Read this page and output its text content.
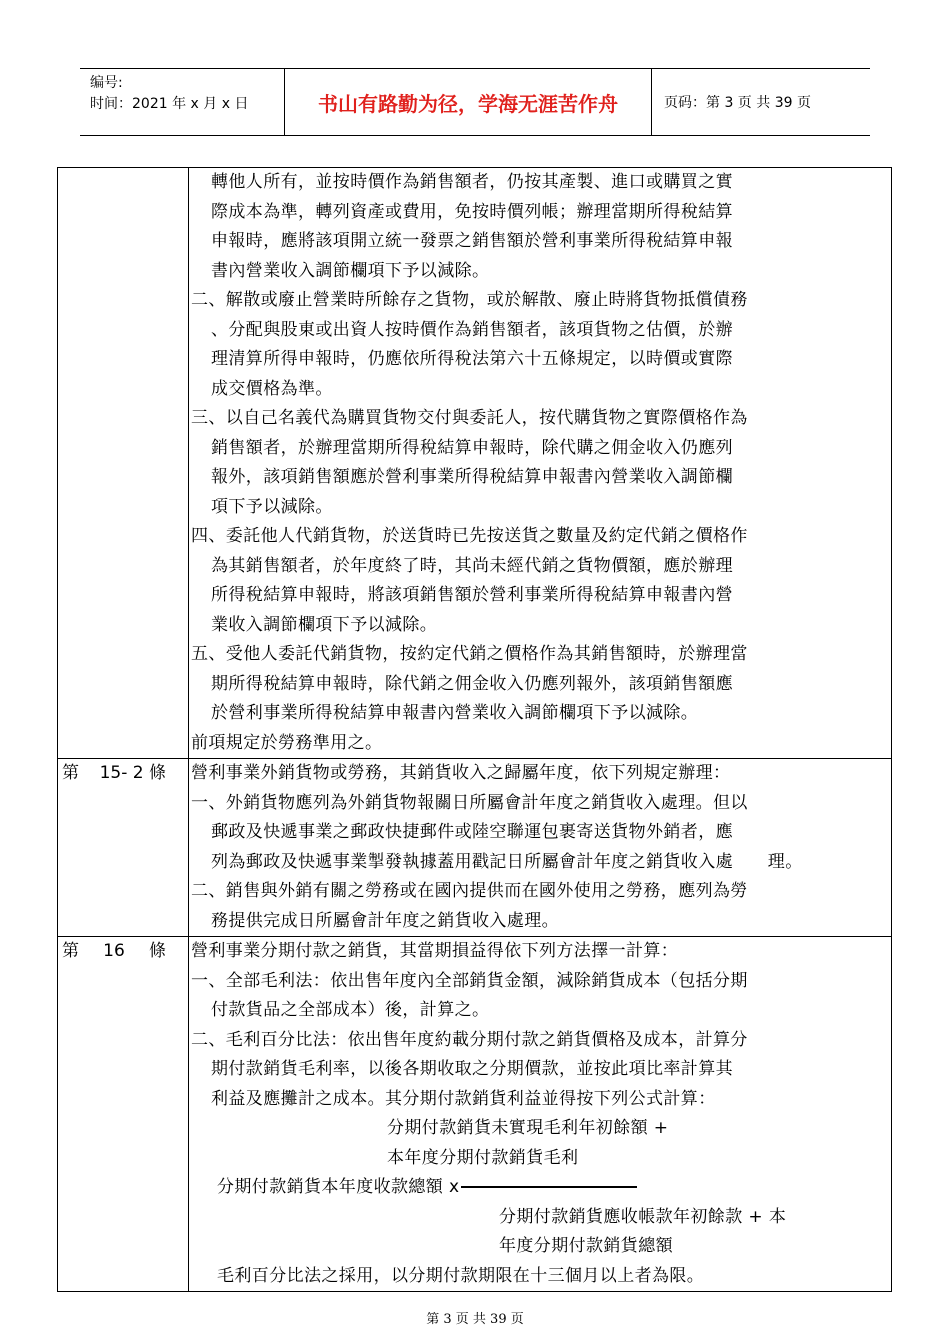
编号:
时间：2021 年 x 月 x 日	书山有路勤为径，学海无涯苦作舟	页码：第 3 页 共 39 页
轉他人所有，並按時價作為銷售額者，仍按其產製、進口或購買之實
際成本為準，轉列資產或費用，免按時價列帳；辦理當期所得稅結算
申報時，應將該項開立統一發票之銷售額於營利事業所得稅結算申報
書內營業收入調節欄項下予以減除。
二、解散或廢止營業時所餘存之貨物，或於解散、廢止時將貨物抵償債務
、分配與股東或出資人按時價作為銷售額者，該項貨物之估價，於辦
理清算所得申報時，仍應依所得稅法第六十五條規定，以時價或實際
成交價格為準。
三、以自己名義代為購買貨物交付與委託人，按代購貨物之實際價格作為
銷售額者，於辦理當期所得稅結算申報時，除代購之佣金收入仍應列
報外，該項銷售額應於營利事業所得稅結算申報書內營業收入調節欄
項下予以減除。
四、委託他人代銷貨物，於送貨時已先按送貨之數量及約定代銷之價格作
為其銷售額者，於年度終了時，其尚未經代銷之貨物價額，應於辦理
所得稅結算申報時，將該項銷售額於營利事業所得稅結算申報書內營
業收入調節欄項下予以減除。
五、受他人委託代銷貨物，按約定代銷之價格作為其銷售額時，於辦理當
期所得稅結算申報時，除代銷之佣金收入仍應列報外，該項銷售額應
於營利事業所得稅結算申報書內營業收入調節欄項下予以減除。
前項規定於勞務準用之。
第 15- 2 條 營利事業外銷貨物或勞務，其銷貨收入之歸屬年度，依下列規定辦理：
一、外銷貨物應列為外銷貨物報關日所屬會計年度之銷貨收入處理。但以
郵政及快遞事業之郵政快捷郵件或陸空聯運包裹寄送貨物外銷者，應
列為郵政及快遞事業掣發執據蓋用戳記日所屬會計年度之銷貨收入處　　理。
二、銷售與外銷有關之勞務或在國內提供而在國外使用之勞務，應列為勞
務提供完成日所屬會計年度之銷貨收入處理。
第 16 條 營利事業分期付款之銷貨，其當期損益得依下列方法擇一計算：
一、全部毛利法：依出售年度內全部銷貨金額，減除銷貨成本（包括分期
付款貨品之全部成本）後，計算之。
二、毛利百分比法：依出售年度約載分期付款之銷貨價格及成本，計算分
期付款銷貨毛利率，以後各期收取之分期價款，並按此項比率計算其
利益及應攤計之成本。其分期付款銷貨利益並得按下列公式計算：
分期付款銷貨未實現毛利年初餘額 +
本年度分期付款銷貨毛利
分期付款銷貨本年度收款總額 x
分期付款銷貨應收帳款年初餘款 + 本
年度分期付款銷貨總額
毛利百分比法之採用，以分期付款期限在十三個月以上者為限。
第 3 页 共 39 页
